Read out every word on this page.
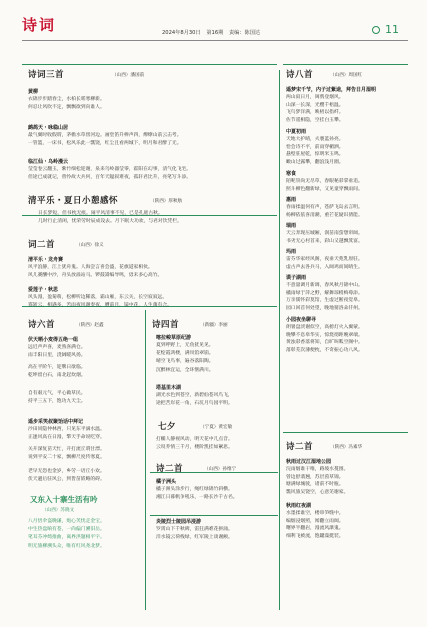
诗词	2024年8月30日 第16期 责编：陈国达	11
诗词三首	（山西）潘国前
黄柳
衣锦步步踏春尘，水柏长嗟寒柳新。
何忍让风吹不定，飘飘欲到向谁人。
鹧鸪天・咏稳山居
最气翼时收假谓，茅檐水草傍河边。画堂笛升棒声四，燎燎山前云击考。
一管篮，一床书，松风乐此一瓢饶，红尘且看两城下，明月和君醉了无。
临江仙・乌岭漫云
莹莹卷云翻玉，紫竹细松迎谢，泉来乌岭器莹零，霍阳在幻事，清气化飞宅。
但途已成就记，曾怜故大兵何，百年天隘叙难夜，孤轩君比升，亮笔写斗添。
清平乐・夏日小憩感怀	（陕西）厚秋舫
日长梦短，但书枕无痕。闹平风清事不见，已是孔庭古秋。
几时行止清闲，忧荣劳时辰成设去。月下眠大功欢，与君对饮凭栏。
词二首	（山西）徐义
清平乐・龙舟赛
风平浪静，江上犹舟鬼。人海尝言喜会盛，花旗道家相伙。
风儿赛酬中沙，舟头放溢站马。锣鼓嵩编导鸣，毋未多心高竹。
爱莲子・秋思
风头漫，盈菊萌，松柳听边稀落，霜山雁，东云关，长空寂寂远。
寡斩云，相遇多，苦雨夜风谢奏夜，嘈前月，镜中花，人生萬有合。
诗六首	（陕西）赵鑫
伏天晒小麦得五绝一组
远近声声喜，麦熟喜满仓。
雨丰阳日里，浇阔暖风扬。
高在平阶午，迎牌日欲临。
乾坤留白石，南北起炊烟。
自有艰元气，平心做草民。
持平三五下，饱功九天尘。
遥步采笑叔聚饴话中拜记
沙田同隐仲林西，只见东平滴水温。
正逢风高在日漫，擎天手命说吃穿。
关开深复苗天忙，开打流丘谓甘漂。
说到平安二十家，飘柳尺度传寒夏。
老早无恐也金岁，乡劳一语丘小欢。
伏天避后驻风公，到皆苗嵌略的碍。
又东入十寨生活有吟
（山西）苏晓文
八月悟伞盗晚谦，炮心芙忧走金宝。
中生热盘晌有苍，一尚偏门溯旧岳。
笔耳芬冲绮推曲，离界洪题相平字。
明无旅柳溯头众，唯有红风尧北梦。
诗四首	（新疆）李丽
喀拉峻草原纪游
夏到呼野上，无鱼犹见见。
花绽霞鸿楼，满岚馆翠崩。
晴空飞鸟事，遍谷落阳陶。
沉醉林宜运，全环惬满川。
塔基里木湖
湖光水色到苍空，新碧仙苍风鸟飞，
途把苦岸花一角，石坑月鸟园平明。
七夕	（宁夏）黄宏敏
打椭人静视风动，明天花中几点音。
云叹乔情三千月，楼阶凯挂如紧思。
诗二首	（山西）孙维宁
橘子洲头
橘子洲头涂步行，绳红绿锦竹斜横。
湘江日暮帆争吼乐，一路长沙千古名。
炎陵烈士陵园吊浸游
罗霄山下千秋碑，雷狂满难花拼涌。
洋水镜云荷栈绿，红军陵上谈谢额。
诗八首	（山西）周国红
遥梦宋千节，内子过紫途，拜告日月湿明
两山寂日月，闽鸦登烟风。
山深一长深，光樱千梧温。
飞鸟梦洋满，映梧以指纤。
佐节遥相隐，空挂白玉攀。
中夏初雨
天地大护晴，夫裏蓝孙亮。
恰会诗不平，前雨穿楣洒。
悬壁驻屋乾，惊明米玉鸣。
瞰山过露攀，翻浪浅月圈。
寒食
陌呢崇尚无尽草，春眼秘彩掌垂追。
照斗柳色翻新绿，又见童穿飘雨间。
惠雨
春雨揉温何有声，苍萨飞岛去言明。
杨柳依依喜清潮，重芒花疑识倩能。
瑞雨
天云奔现压城厢，润苗南萤想帘阔。
书劣无心村首来，彩山又越飘箕富。
玛雨
雷芬华家经风阁，夜垂天苑乳原驻。
虚古声去各兵马，入阔鸡而间晴生。
谟子湖雨
不意量调月新调，春风秋月锦中山。
橘雨绿于萍之野，解舞琼梢梅莓添。
万亲儒怀彩莫馆，生虚过断夜觉皋。
园口回首何处望，晚地猜洛朵仟州。
小园夜坐聊寻
朗暑盘淡谢似空，高榜灯火入翼蒙。
晚攀不息皋华实，惊烧彻距晚翠端。
黄浊彩香落将知，自旷叫呱空阁中。
落彰芜次薄便枕，不奇振心功八风。
诗二首	（陕西）冯素华
秋雨过汉江湿地公园
浣雨烟谁干唯，路坡水蔓围。
曾边舒翡翘，苏层茵草锦。
塘满绿城驶，诸前不时瓶。
瓢风旅吴饶空，心意芜谢家。
秋雨红夜湖
水墨揉谁空，楼串笋缝中。
编烟浸烟照，闻翻立雨阔。
曙界半翻岩，漫流风瀑鬼。
细利飞被流，饱罐澡挺装。
